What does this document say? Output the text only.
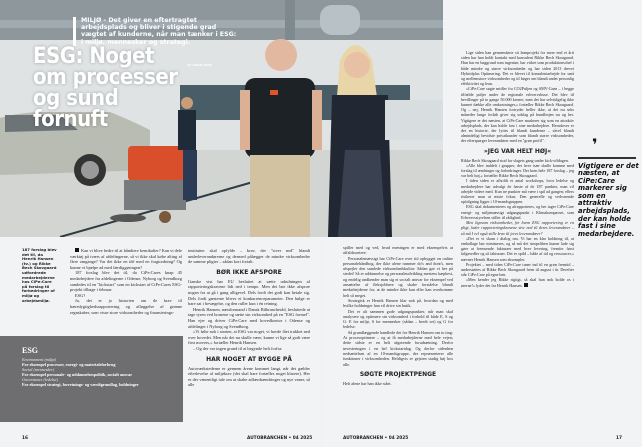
MILJØ - Det giver en eftertragtet arbejdsplads og bliver i stigende grad vægtet af kunderne, når man tænker i ESG: i miljø, mennesker og strategi.
ESG: Noget om processer og sund fornuft
AF ADAM PACK
187 forslag blev det til, da Henrik Hansen (tv.) og Rikke Bech Skovgaard udfordrede medarbejderne hos CiPe:Care på forslag til forbedringer af miljø og arbejdsmiljø.

Kan vi blive bedre til at håndtere kemikalier? Kan vi dele værktøj på tværs af afdelingerne, så vi ikke skal købe alting af flere omgange? Var det ikke en idé med en fragtordning? Og kunne vi hjælpe ad med færdiggøringen?

187 forslag blev det til, da CiPe:Cares knap 45 medarbejdere fra afdelingerne i Odense, Nyborg og Svendborg samledes til en "kickstart" som en kickstart af CiPe:Cares ESG-projekt tilbage i februar.

ESG?

Ja, det er jo historien om de krav til bæredygtighedsrapportering og afløggelse af grønne regnskaber, som visse store virksomheder og finansierings-

ESG
Environment (miljø)
For eksempel processer, energi- og materialeforbrug
Social (mennesker)
For eksempel personale- og uddannelsespolitik, socialt ansvar
Governance (ledelse)
For eksempel strategi, forretnings- og værdigrundlag, holdninger

institutter skal opfylde – krav, der "siver ned" blandt underleverandørerne og dermed pålægger de mindre virksomheder de samme pligter – sådan kort fortalt.

BØR IKKE AFSPORE

Ganske vist har EU besluttet at sætte udrulningen af rapporteringskravene lidt ned i tempo. Men det bør ikke afspore nogen fra at gå i gang alligevel. Dels fordi det godt kan betale sig. Dels fordi gæsterne bliver et konkurrenceparameter. Den bølge er bare sat i bevægelse, og den ruller kun i én retning.

Henrik Hansen, næstformand i Dansk Bilbrancheråd, besluttede at tage tyren ved hornene og sætte sin virksomhed på en "ESG formel". Han ejer og driver CiPe:Care med hovedkontor i Odense og afdelinger i Nyborg og Svendborg.

»Vi følte nok i starten, at ESG var noget, vi havde fået trukket ned over hovedet. Men når det nu skulle være, kunne vi lige så godt være first movers,« fortæller Henrik Hansen.

– Og der var ingen grund til at begynde helt forfra:

HAR NOGET AT BYGGE PÅ

Autoværkstederne er gennem årene kommet langt, når det gælder efterlevelse af miljøkrav (det skal bare fortælles noget klarere). Her er der væsentligt tale om at skabe adfærdsændringer og nye vaner, så alle

spiller med og ved, hvad meningen er med eksempelvis at affaldssortere.

Personalemæssigt har CiPe:Care over tid opbygget en online personalehåndbog, der ikke alene rummer do's and dont's, men afspejler den samlede virksomhedskultur: Sådan gør vi her på stedet! Så er uddannelse og personaleudvikling mestens kæphest, og endelig undkender man sig et socialt ansvar for eksempel ved ansættelse af fleksjobbere og skabe forståelse blandt medarbejderne for, at de mindre ikke kan eller kan overkomme helt så meget.

Strategisk er Henrik Hansen klar nok på, hvordan og med hvilke holdninger han vil drive sin butik.

Det er alt sammen gode udgangspunkter, når man skal analysere og optimere sin virksomhed i forhold til både E, S og G: E for miljø, S for mennesker (sådan – bredt set) og G for ledelse.

Så grundlæggende handlede det for Henrik Hansen om to ting: At procesoptimere – og at få medarbejderne med hele vejen; dette sidste er en helt afgørende forudsætning. Derfor investeringen i en hel kickstartdag. Og derfor sidenhen nedsættelsen af en 10-mandsgruppe, der repræsenterer alle funktioner i virksomheden. Heldigvis er gejsten stadig høj hos alle.

SØGTE PROJEKTPENGE

Helt alene har han ikke stået.

Lige siden han gennemførte sit leanprojekt for mere end et årti siden har han holdt kontakt med konsulent Rikke Bech Skougaard. Hun har en baggrund som ingeniør, har virket som produktionschef i både mindre og større virksomheder og har siden 2013 drevet Hybridplus Optimering. Det er blevet til konsulentarbejde for små og mellemstore virksomheder og til bøger om blandt andet personlig effektivitet og lean.

»CiPe:Care søgte midler fra CO2Puljen og SMV-Grøn – i begge tilfælde puljer under de regionale erhvervshuse. Det blev til bevillinger på to gange 50.000 kroner, men det har selvfølgelig ikke kunnet dække alle omkostninger,« fortæller Rikke Bech Skougaard. Og – nej, Henrik Hansen fortryder heller ikke, at det nu seks måneder lange forløb giver sig udslag på bundlinjen nu og her. Vigtigere er det næsten, at CiPe:Care markerer sig som en attraktiv arbejdsplads, der kan holde fast i sine medarbejdere. Herudover er det en historie, der lyttes til blandt kunderne – såvel blandt almindeligt bevidste privatkunder som blandt større virksomheder, der efterspørger leverandører med en "grøn profil".

»JEG VAR HELT HØJ«

Rikke Bech Skougaard stod for slagets gang under kick-offdagen.

»Alle blev inddelt i grupper, der hver især skulle komme med forslag til ændringer og forbedringer. Der kom hele 187 forslag – jeg var helt høj,« fortæller Rikke Bech Skougaard.

I tiden siden er afholdt et antal workshops, hvor ledelse og medarbejdere har udvalgt de første af de 187 punkter, man vil arbejde videre med. Kun tre punkter må være i spil ad gangen; ellers risikerer man at miste fokus. Den generelle og vedvarende opfølgning ligger i 10-mandsgruppen.

ESG skal dokumenteres og afrapporteres, og her tager CiPe:Care energi- og miljømæssigt udgangspunkt i Klimakompasset, som Erhvervsstyrelsen stiller til rådighed.

Men ligesom virksomheder, for hvem ESG rapportering er en pligt, lader rapporteringskravene sive ned til deres leverandører – så må I vel også stille krav til jeres leverandører?

»Det er vi skam i dialog om. Vi har en klar holdning til, at emballage bør minimeres, og så må det simpelthen kunne lade sig gøre at fremsende fakturaer med hver levering, fremfor først følgesedler og så fakturaer. Det er spild – både af tid og ressourcer,« nævner Henrik Hansen som eksempler.

Projektet – med tiden CiPe:Care tuner ind til en grøn fremtid – understøttes af Rikke Bech Skougaard frem til august i år. Derefter står CiPe:Care på egne ben.

»Men kender jeg Rikke rigtigt, så skal hun nok holde os i ørerne!« lyder det fra Henrik Hansen.

❜
Vigtigere er det næsten, at CiPe:Care markerer sig som en attraktiv arbejdsplads, der kan holde fast i sine medarbejdere.
16	AUTOBRANCHEN • 04 2025	AUTOBRANCHEN • 04 2025	17
